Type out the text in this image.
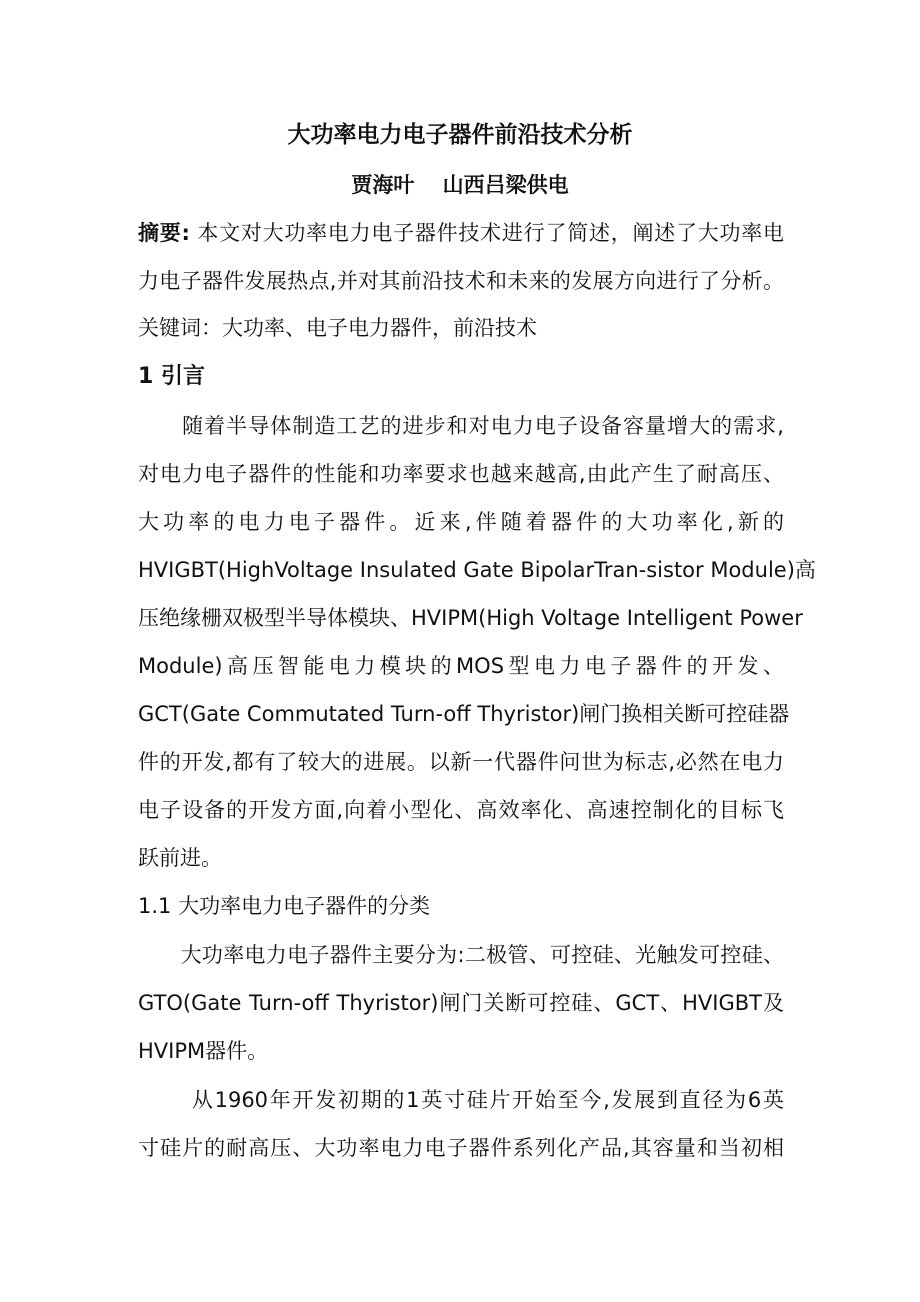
大功率电力电子器件前沿技术分析
贾海叶　 山西吕梁供电
摘要: 本文对大功率电力电子器件技术进行了简述，阐述了大功率电
力电子器件发展热点,并对其前沿技术和未来的发展方向进行了分析。
关键词：大功率、电子电力器件，前沿技术
1 引言
　　随着半导体制造工艺的进步和对电力电子设备容量增大的需求,
对电力电子器件的性能和功率要求也越来越高,由此产生了耐高压、
大功率的电力电子器件。近来,伴随着器件的大功率化,新的
HVIGBT(HighVoltage Insulated Gate BipolarTran-sistor Module)高
压绝缘栅双极型半导体模块、HVIPM(High Voltage Intelligent Power
Module)高压智能电力模块的MOS型电力电子器件的开发、
GCT(Gate Commutated Turn-off Thyristor)闸门换相关断可控硅器
件的开发,都有了较大的进展。以新一代器件问世为标志,必然在电力
电子设备的开发方面,向着小型化、高效率化、高速控制化的目标飞
跃前进。
1.1 大功率电力电子器件的分类
　　大功率电力电子器件主要分为:二极管、可控硅、光触发可控硅、
GTO(Gate Turn-off Thyristor)闸门关断可控硅、GCT、HVIGBT及
HVIPM器件。
　　 从1960年开发初期的1英寸硅片开始至今,发展到直径为6英
寸硅片的耐高压、大功率电力电子器件系列化产品,其容量和当初相
